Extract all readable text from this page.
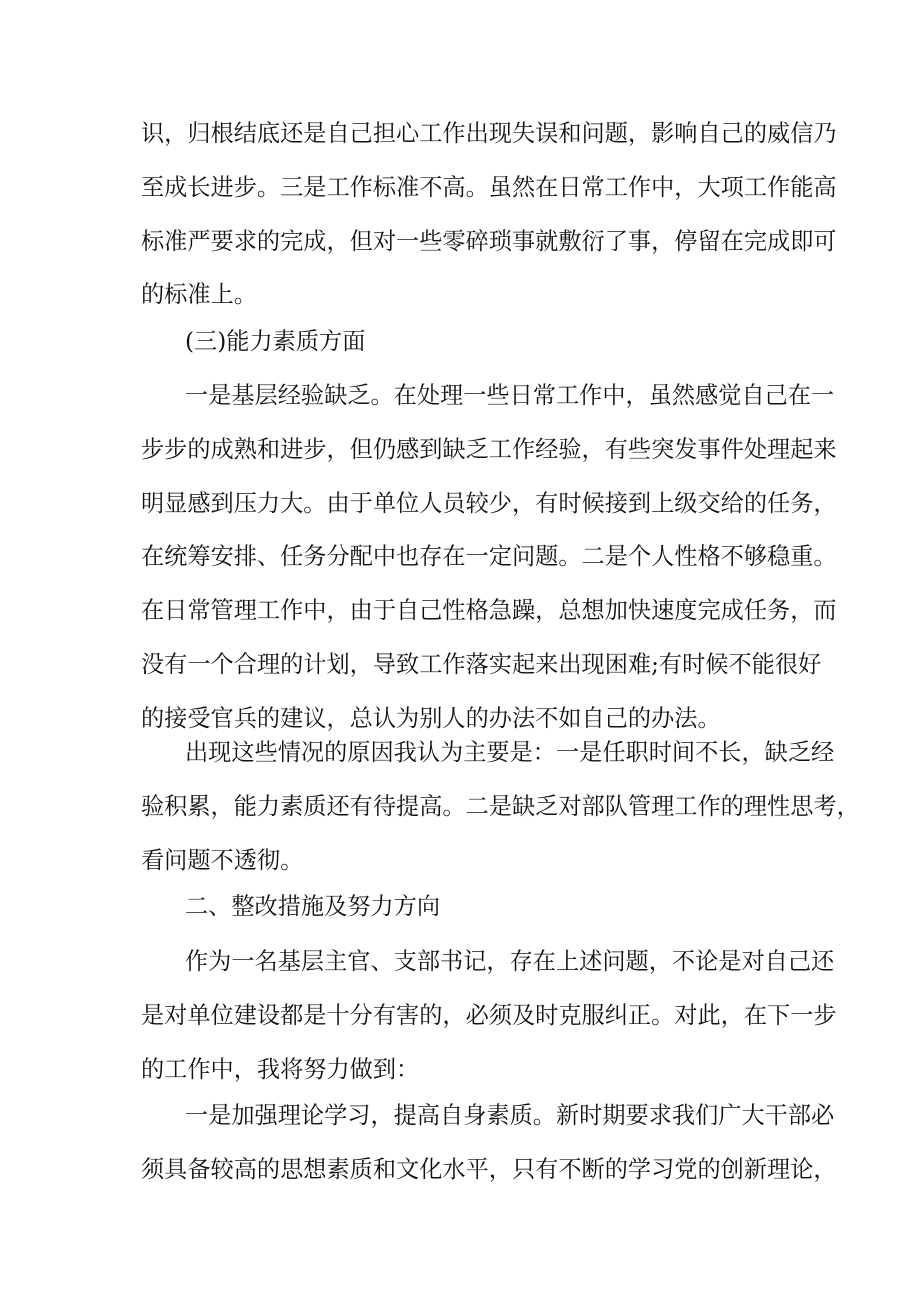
识，归根结底还是自己担心工作出现失误和问题，影响自己的威信乃
至成长进步。三是工作标准不高。虽然在日常工作中，大项工作能高
标准严要求的完成，但对一些零碎琐事就敷衍了事，停留在完成即可
的标准上。
(三)能力素质方面
一是基层经验缺乏。在处理一些日常工作中，虽然感觉自己在一
步步的成熟和进步，但仍感到缺乏工作经验，有些突发事件处理起来
明显感到压力大。由于单位人员较少，有时候接到上级交给的任务，
在统筹安排、任务分配中也存在一定问题。二是个人性格不够稳重。
在日常管理工作中，由于自己性格急躁，总想加快速度完成任务，而
没有一个合理的计划，导致工作落实起来出现困难;有时候不能很好
的接受官兵的建议，总认为别人的办法不如自己的办法。
出现这些情况的原因我认为主要是：一是任职时间不长，缺乏经
验积累，能力素质还有待提高。二是缺乏对部队管理工作的理性思考，
看问题不透彻。
二、整改措施及努力方向
作为一名基层主官、支部书记，存在上述问题，不论是对自己还
是对单位建设都是十分有害的，必须及时克服纠正。对此，在下一步
的工作中，我将努力做到：
一是加强理论学习，提高自身素质。新时期要求我们广大干部必
须具备较高的思想素质和文化水平，只有不断的学习党的创新理论，
